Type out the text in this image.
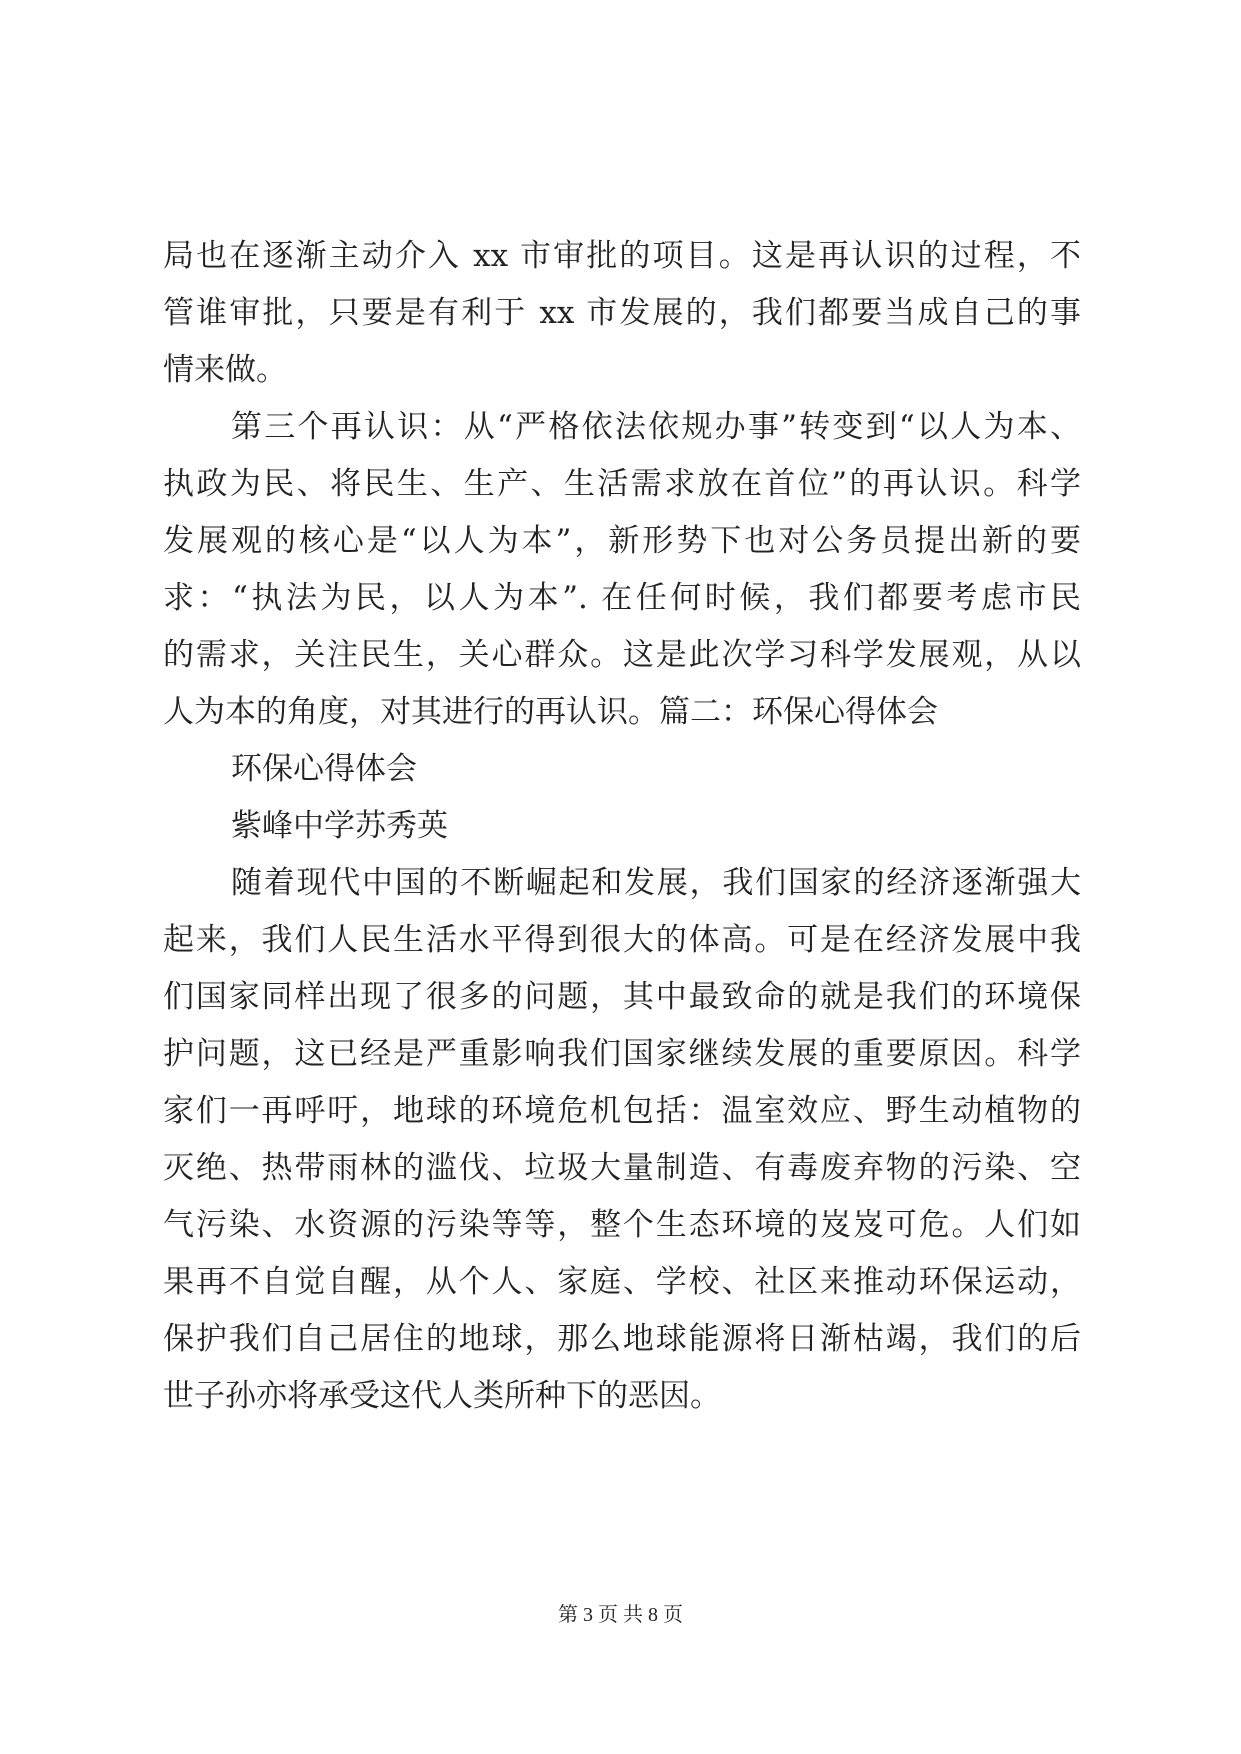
局也在逐渐主动介入 xx 市审批的项目。这是再认识的过程，不
管谁审批，只要是有利于 xx 市发展的，我们都要当成自己的事
情来做。
第三个再认识：从“严格依法依规办事”转变到“以人为本、
执政为民、将民生、生产、生活需求放在首位”的再认识。科学
发展观的核心是“以人为本”，新形势下也对公务员提出新的要
求：“执法为民，以人为本”. 在任何时候，我们都要考虑市民
的需求，关注民生，关心群众。这是此次学习科学发展观，从以
人为本的角度，对其进行的再认识。篇二：环保心得体会
环保心得体会
紫峰中学苏秀英
随着现代中国的不断崛起和发展，我们国家的经济逐渐强大
起来，我们人民生活水平得到很大的体高。可是在经济发展中我
们国家同样出现了很多的问题，其中最致命的就是我们的环境保
护问题，这已经是严重影响我们国家继续发展的重要原因。科学
家们一再呼吁，地球的环境危机包括：温室效应、野生动植物的
灭绝、热带雨林的滥伐、垃圾大量制造、有毒废弃物的污染、空
气污染、水资源的污染等等，整个生态环境的岌岌可危。人们如
果再不自觉自醒，从个人、家庭、学校、社区来推动环保运动，
保护我们自己居住的地球，那么地球能源将日渐枯竭，我们的后
世子孙亦将承受这代人类所种下的恶因。
第 3 页 共 8 页
